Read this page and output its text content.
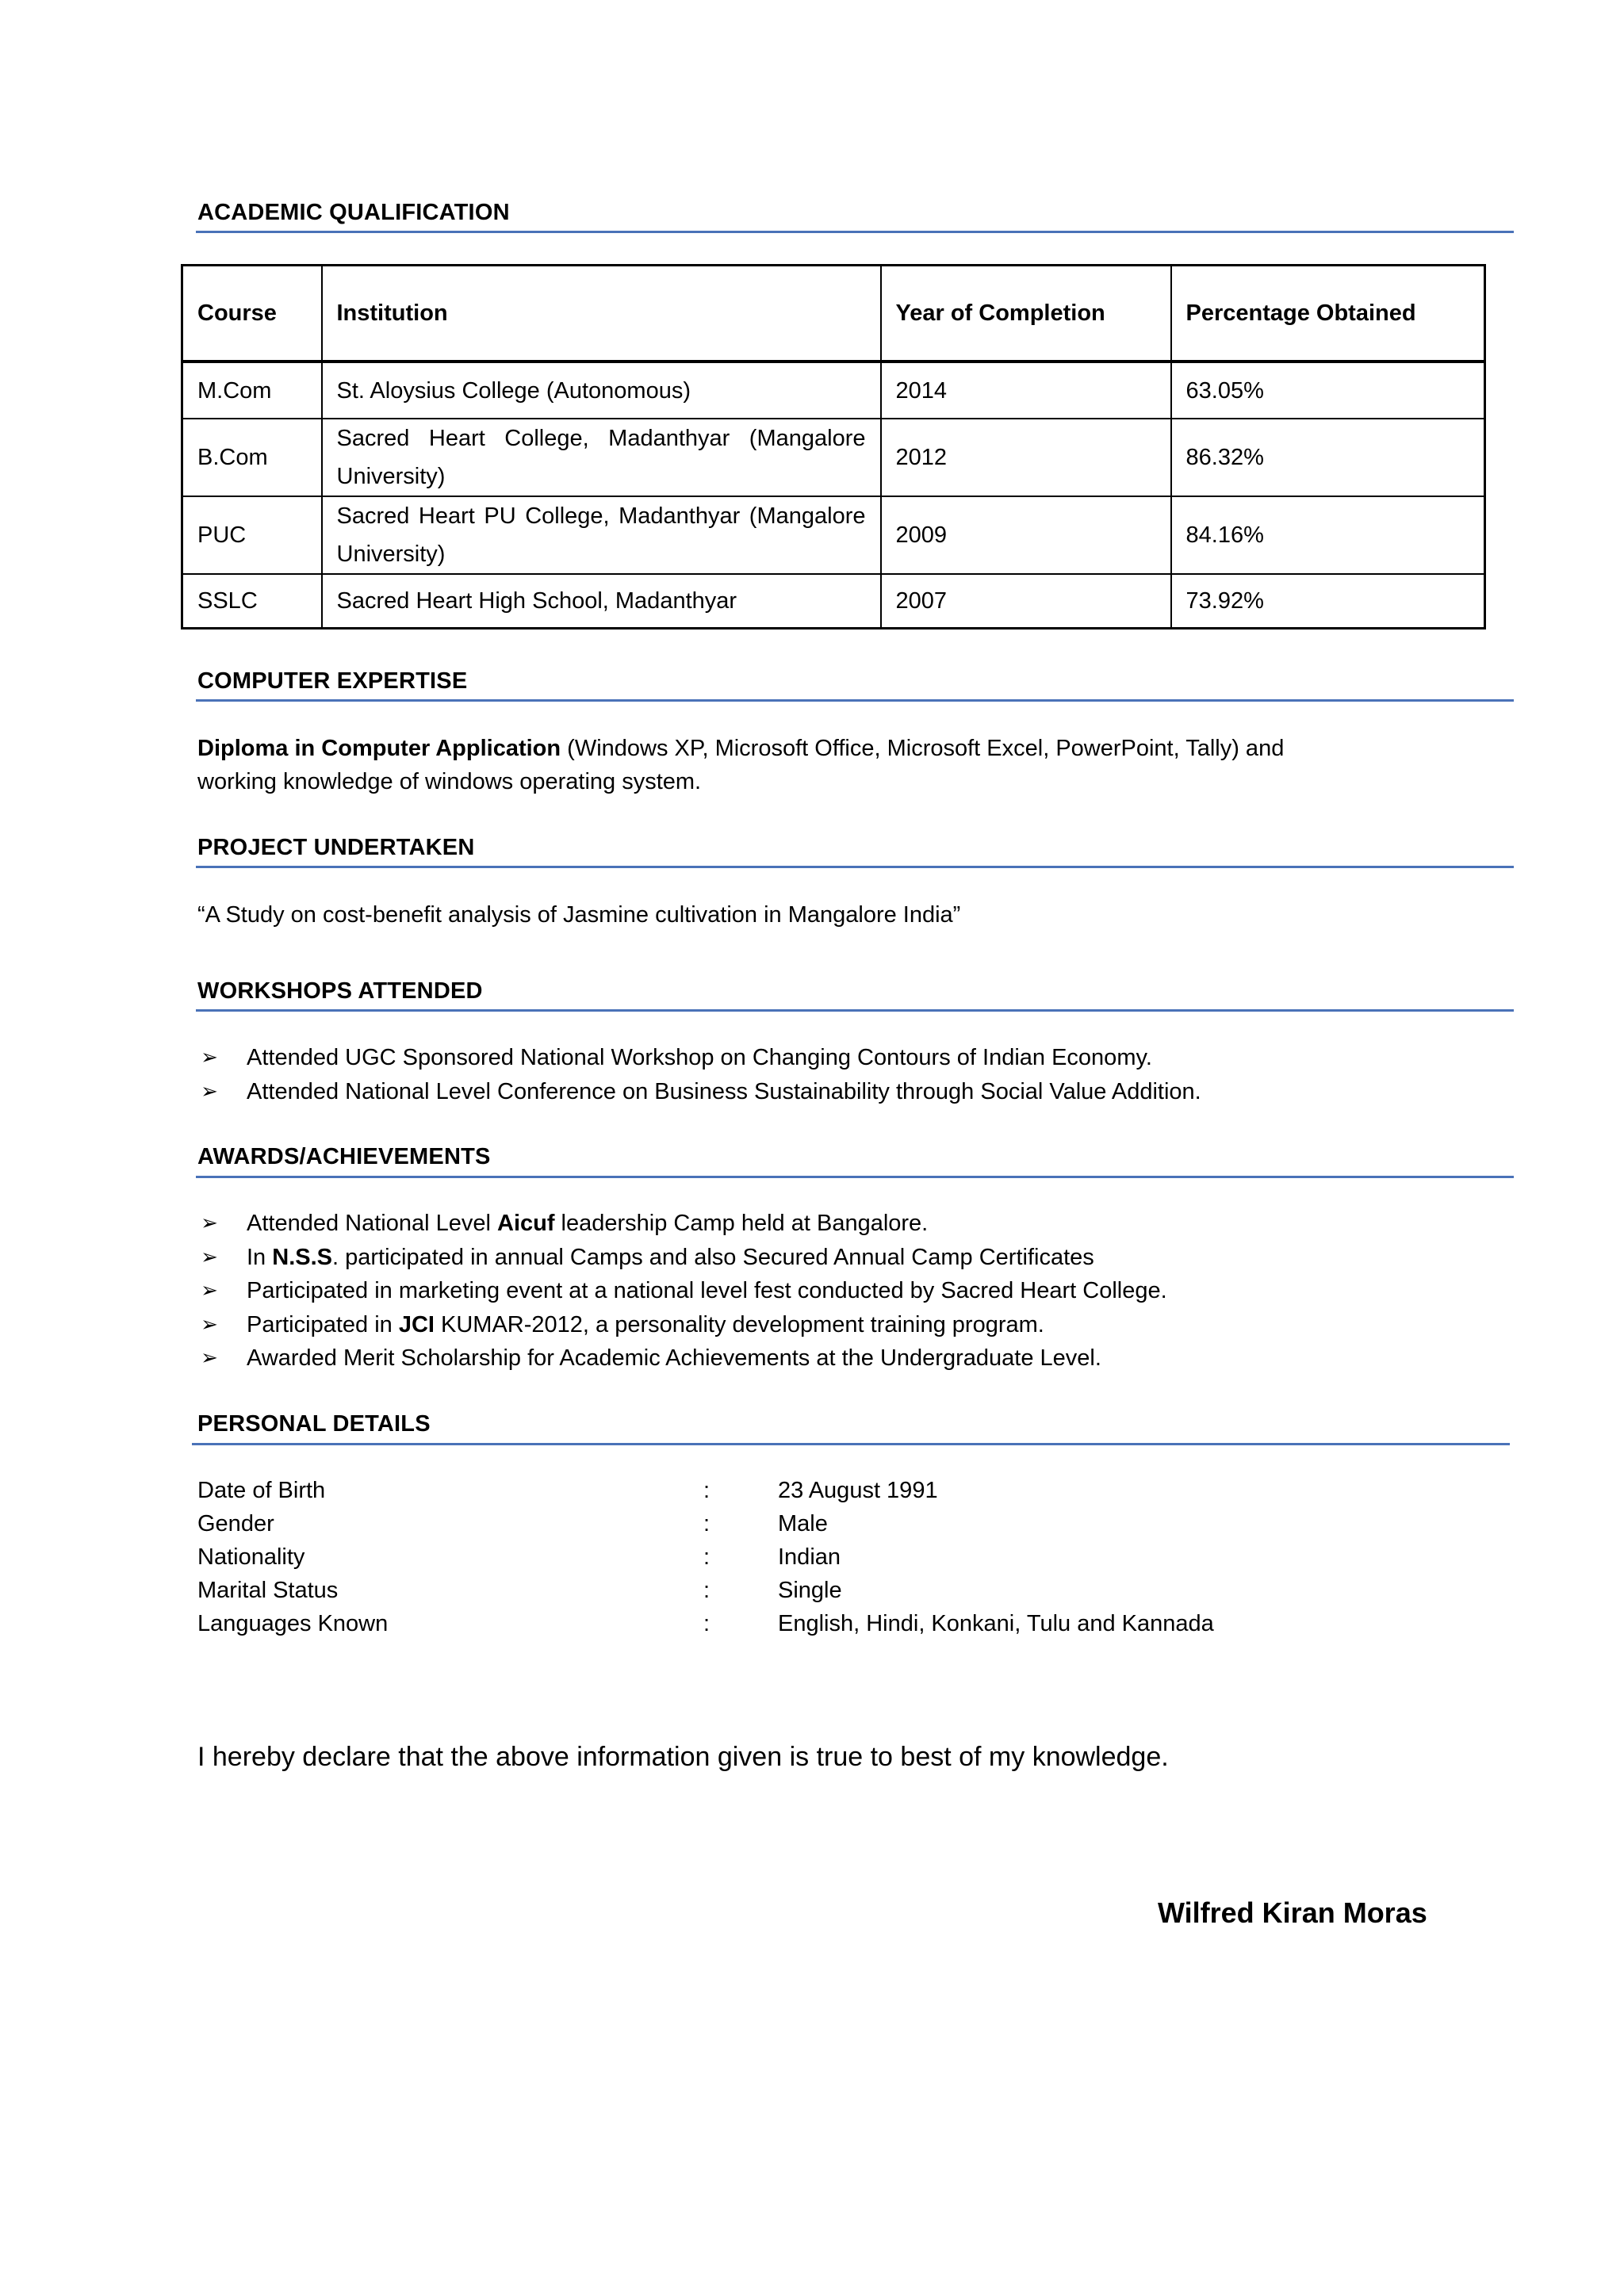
ACADEMIC QUALIFICATION
Course	Institution	Year of Completion	Percentage Obtained
M.Com	St. Aloysius College (Autonomous)	2014	63.05%
B.Com	Sacred Heart College, Madanthyar (Mangalore University)	2012	86.32%
PUC	Sacred Heart PU College, Madanthyar (Mangalore University)	2009	84.16%
SSLC	Sacred Heart High School, Madanthyar	2007	73.92%
COMPUTER EXPERTISE
Diploma in Computer Application (Windows XP, Microsoft Office, Microsoft Excel, PowerPoint, Tally) and
working knowledge of windows operating system.
PROJECT UNDERTAKEN
“A Study on cost-benefit analysis of Jasmine cultivation in Mangalore India”
WORKSHOPS ATTENDED
➢ Attended UGC Sponsored National Workshop on Changing Contours of Indian Economy.
➢ Attended National Level Conference on Business Sustainability through Social Value Addition.
AWARDS/ACHIEVEMENTS
➢ Attended National Level Aicuf leadership Camp held at Bangalore.
➢ In N.S.S. participated in annual Camps and also Secured Annual Camp Certificates
➢ Participated in marketing event at a national level fest conducted by Sacred Heart College.
➢ Participated in JCI KUMAR-2012, a personality development training program.
➢ Awarded Merit Scholarship for Academic Achievements at the Undergraduate Level.
PERSONAL DETAILS
Date of Birth	:	23 August 1991
Gender	:	Male
Nationality	:	Indian
Marital Status	:	Single
Languages Known	:	English, Hindi, Konkani, Tulu and Kannada
I hereby declare that the above information given is true to best of my knowledge.
Wilfred Kiran Moras
